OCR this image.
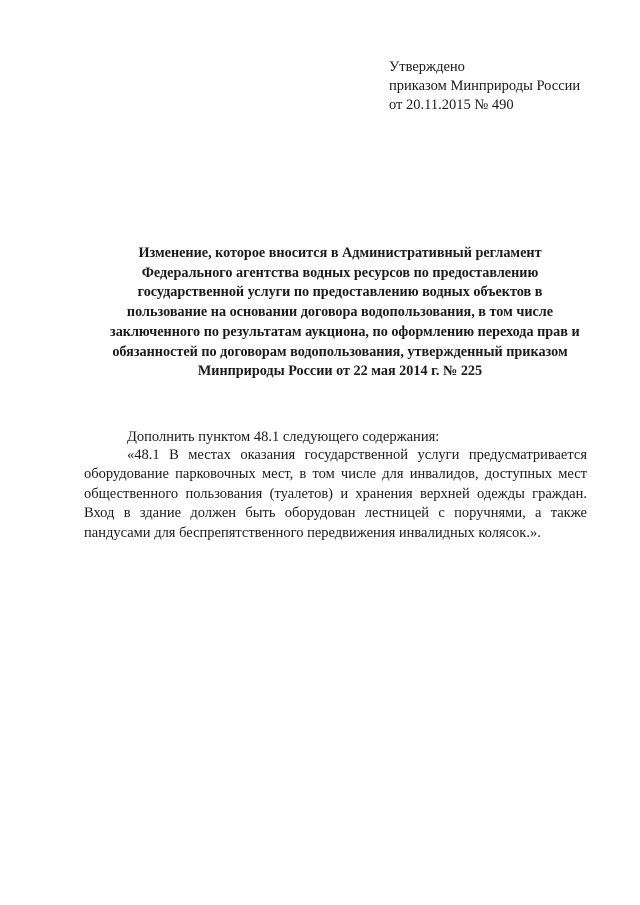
Утверждено
приказом Минприроды России
от 20.11.2015 № 490
Изменение, которое вносится в Административный регламент
Федерального агентства водных ресурсов по предоставлению
государственной услуги по предоставлению водных объектов в
пользование на основании договора водопользования, в том числе
заключенного по результатам аукциона, по оформлению перехода прав и
обязанностей по договорам водопользования, утвержденный приказом
Минприроды России от 22 мая 2014 г. № 225
Дополнить пунктом 48.1 следующего содержания:
«48.1 В местах оказания государственной услуги предусматривается
оборудование парковочных мест, в том числе для инвалидов, доступных мест
общественного пользования (туалетов) и хранения верхней одежды граждан.
Вход в здание должен быть оборудован лестницей с поручнями, а также
пандусами для беспрепятственного передвижения инвалидных колясок.».
